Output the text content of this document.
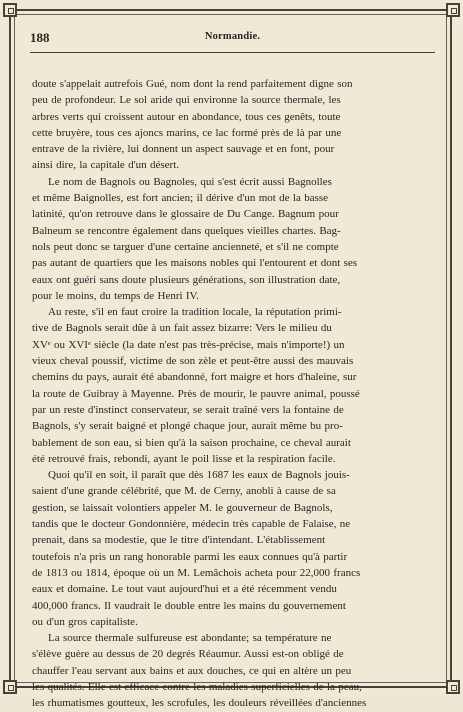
188	Normandie.
doute s'appelait autrefois Gué, nom dont la rend parfaitement digne son
peu de profondeur. Le sol aride qui environne la source thermale, les
arbres verts qui croissent autour en abondance, tous ces genêts, toute
cette bruyère, tous ces ajoncs marins, ce lac formé près de là par une
entrave de la rivière, lui donnent un aspect sauvage et en font, pour
ainsi dire, la capitale d'un désert.
Le nom de Bagnols ou Bagnoles, qui s'est écrit aussi Bagnolles
et même Baignolles, est fort ancien; il dérive d'un mot de la basse
latinité, qu'on retrouve dans le glossaire de Du Cange. Bagnum pour
Balneum se rencontre également dans quelques vieilles chartes. Bag-
nols peut donc se targuer d'une certaine ancienneté, et s'il ne compte
pas autant de quartiers que les maisons nobles qui l'entourent et dont ses
eaux ont guéri sans doute plusieurs générations, son illustration date,
pour le moins, du temps de Henri IV.
Au reste, s'il en faut croire la tradition locale, la réputation primi-
tive de Bagnols serait dûe à un fait assez bizarre: Vers le milieu du
XVᵉ ou XVIᵉ siècle (la date n'est pas très-précise, mais n'importe!) un
vieux cheval poussif, victime de son zèle et peut-être aussi des mauvais
chemins du pays, aurait été abandonné, fort maigre et hors d'haleine, sur
la route de Guibray à Mayenne. Près de mourir, le pauvre animal, poussé
par un reste d'instinct conservateur, se serait traîné vers la fontaine de
Bagnols, s'y serait baigné et plongé chaque jour, aurait même bu pro-
bablement de son eau, si bien qu'à la saison prochaine, ce cheval aurait
été retrouvé frais, rebondi, ayant le poil lisse et la respiration facile.
Quoi qu'il en soit, il paraît que dès 1687 les eaux de Bagnols jouis-
saient d'une grande célébrité, que M. de Cerny, anobli à cause de sa
gestion, se laissait volontiers appeler M. le gouverneur de Bagnols,
tandis que le docteur Gondonnière, médecin très capable de Falaise, ne
prenait, dans sa modestie, que le titre d'intendant. L'établissement
toutefois n'a pris un rang honorable parmi les eaux connues qu'à partir
de 1813 ou 1814, époque où un M. Lemâchois acheta pour 22,000 francs
eaux et domaine. Le tout vaut aujourd'hui et a été récemment vendu
400,000 francs. Il vaudrait le double entre les mains du gouvernement
ou d'un gros capitaliste.
La source thermale sulfureuse est abondante; sa température ne
s'élève guère au dessus de 20 degrés Réaumur. Aussi est-on obligé de
chauffer l'eau servant aux bains et aux douches, ce qui en altère un peu
les qualités. Elle est efficace contre les maladies superficielles de la peau,
les rhumatismes goutteux, les scrofules, les douleurs réveillées d'anciennes
